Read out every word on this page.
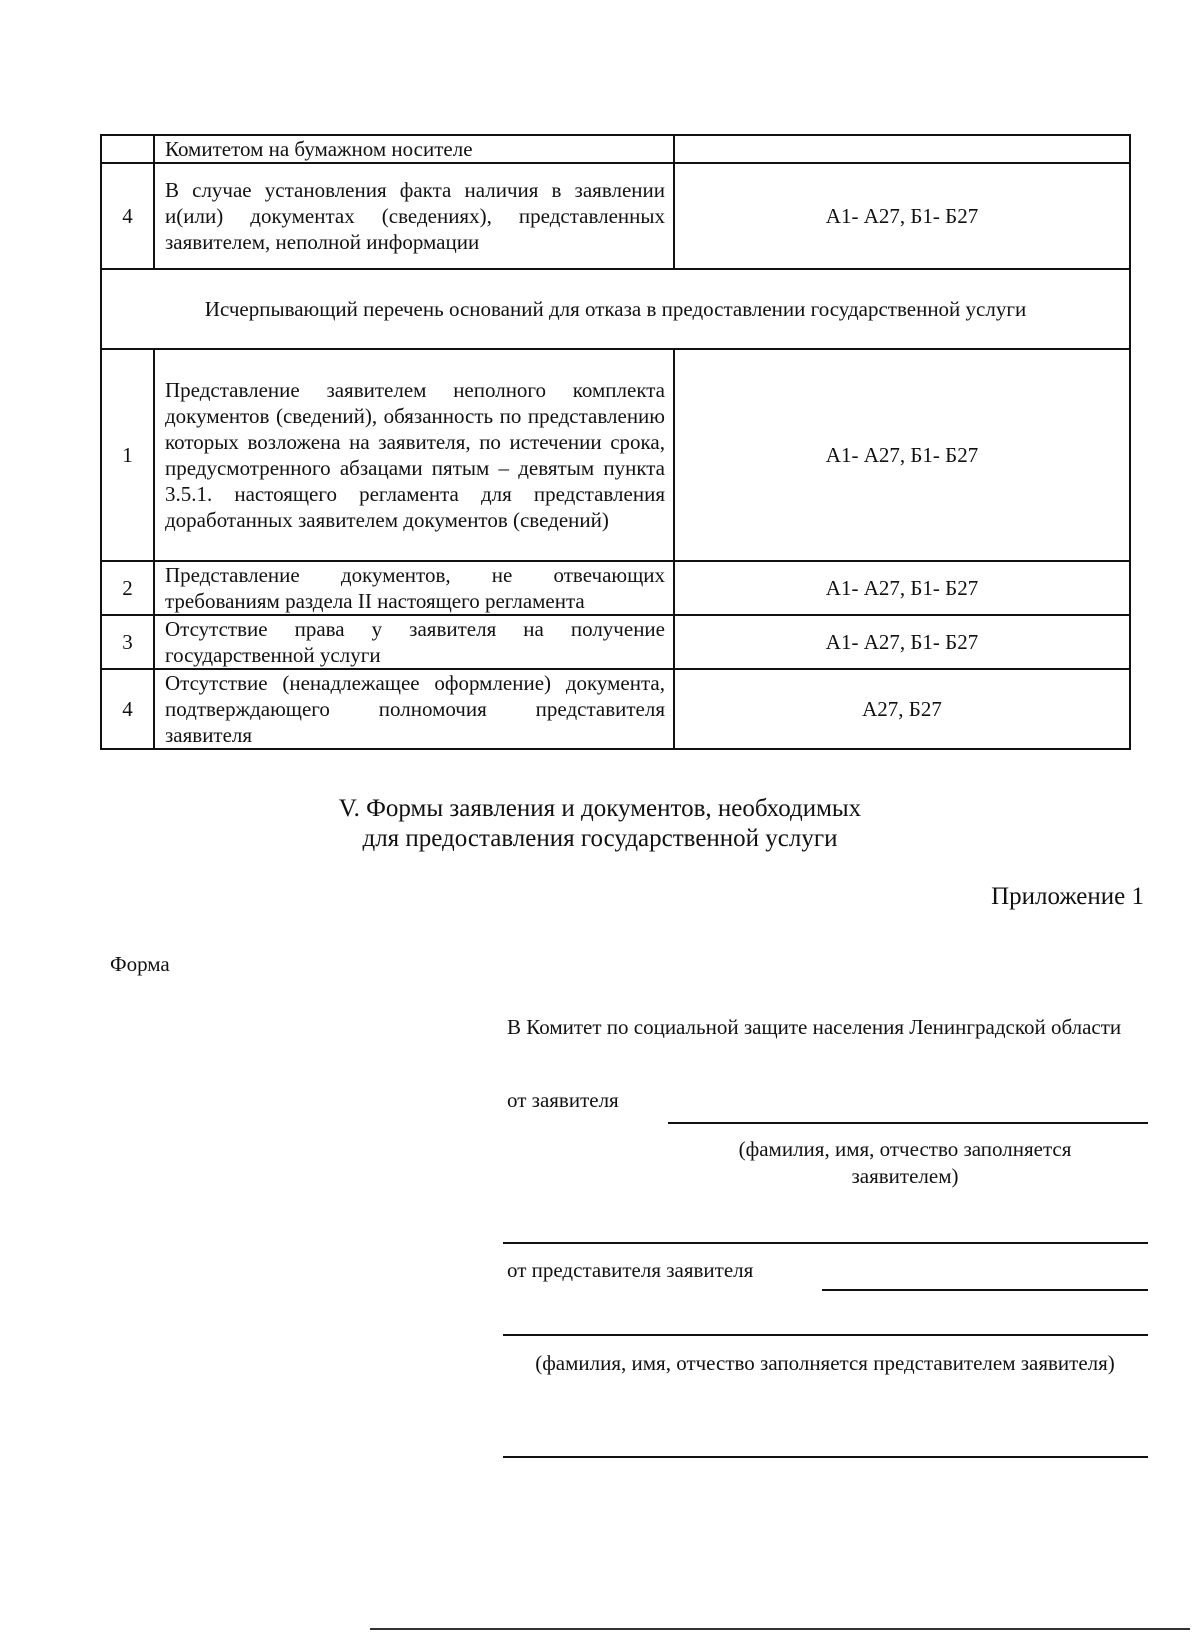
	Комитетом на бумажном носителе	
4	В случае установления факта наличия в заявлении и(или) документах (сведениях), представленных заявителем, неполной информации	А1- А27, Б1- Б27
Исчерпывающий перечень оснований для отказа в предоставлении государственной услуги		
1	Представление заявителем неполного комплекта документов (сведений), обязанность по представлению которых возложена на заявителя, по истечении срока, предусмотренного абзацами пятым – девятым пункта 3.5.1. настоящего регламента для представления доработанных заявителем документов (сведений)	А1- А27, Б1- Б27
2	Представление документов, не отвечающих требованиям раздела II настоящего регламента	А1- А27, Б1- Б27
3	Отсутствие права у заявителя на получение государственной услуги	А1- А27, Б1- Б27
4	Отсутствие (ненадлежащее оформление) документа, подтверждающего полномочия представителя заявителя	А27, Б27
V. Формы заявления и документов, необходимых
для предоставления государственной услуги
Приложение 1
Форма
В Комитет по социальной защите населения Ленинградской области
от заявителя
(фамилия, имя, отчество заполняется заявителем)
от представителя заявителя
(фамилия, имя, отчество заполняется представителем заявителя)
